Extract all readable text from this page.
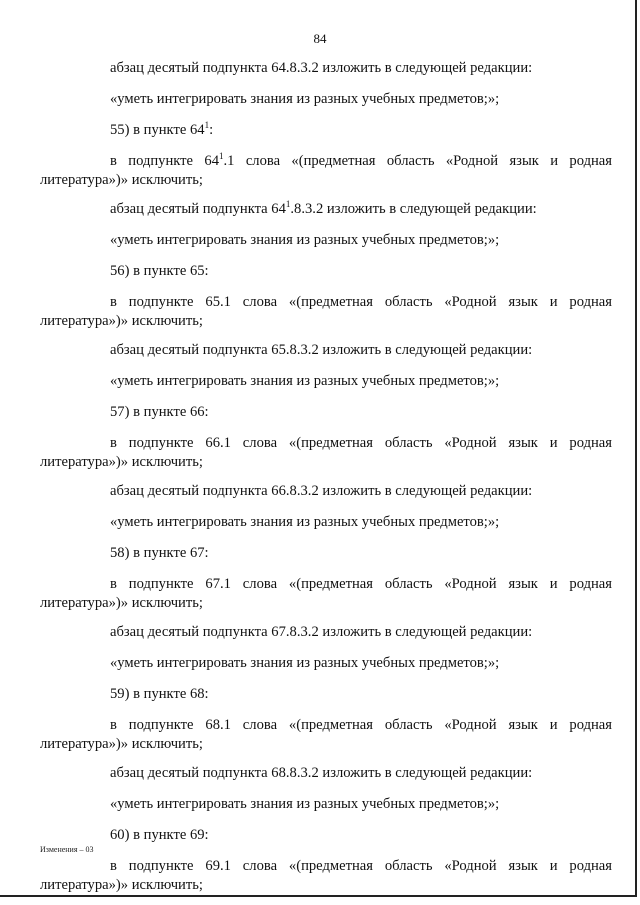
84

абзац десятый подпункта 64.8.3.2 изложить в следующей редакции:

«уметь интегрировать знания из разных учебных предметов;»;

55) в пункте $64^1$:

в подпункте $64^1.1$ слова «(предметная область «Родной язык и родная литература»)» исключить;

абзац десятый подпункта $64^1.8.3.2$ изложить в следующей редакции:

«уметь интегрировать знания из разных учебных предметов;»;

56) в пункте 65:

в подпункте 65.1 слова «(предметная область «Родной язык и родная литература»)» исключить;

абзац десятый подпункта 65.8.3.2 изложить в следующей редакции:

«уметь интегрировать знания из разных учебных предметов;»;

57) в пункте 66:

в подпункте 66.1 слова «(предметная область «Родной язык и родная литература»)» исключить;

абзац десятый подпункта 66.8.3.2 изложить в следующей редакции:

«уметь интегрировать знания из разных учебных предметов;»;

58) в пункте 67:

в подпункте 67.1 слова «(предметная область «Родной язык и родная литература»)» исключить;

абзац десятый подпункта 67.8.3.2 изложить в следующей редакции:

«уметь интегрировать знания из разных учебных предметов;»;

59) в пункте 68:

в подпункте 68.1 слова «(предметная область «Родной язык и родная литература»)» исключить;

абзац десятый подпункта 68.8.3.2 изложить в следующей редакции:

«уметь интегрировать знания из разных учебных предметов;»;

60) в пункте 69:

в подпункте 69.1 слова «(предметная область «Родной язык и родная литература»)» исключить;

Изменения – 03
